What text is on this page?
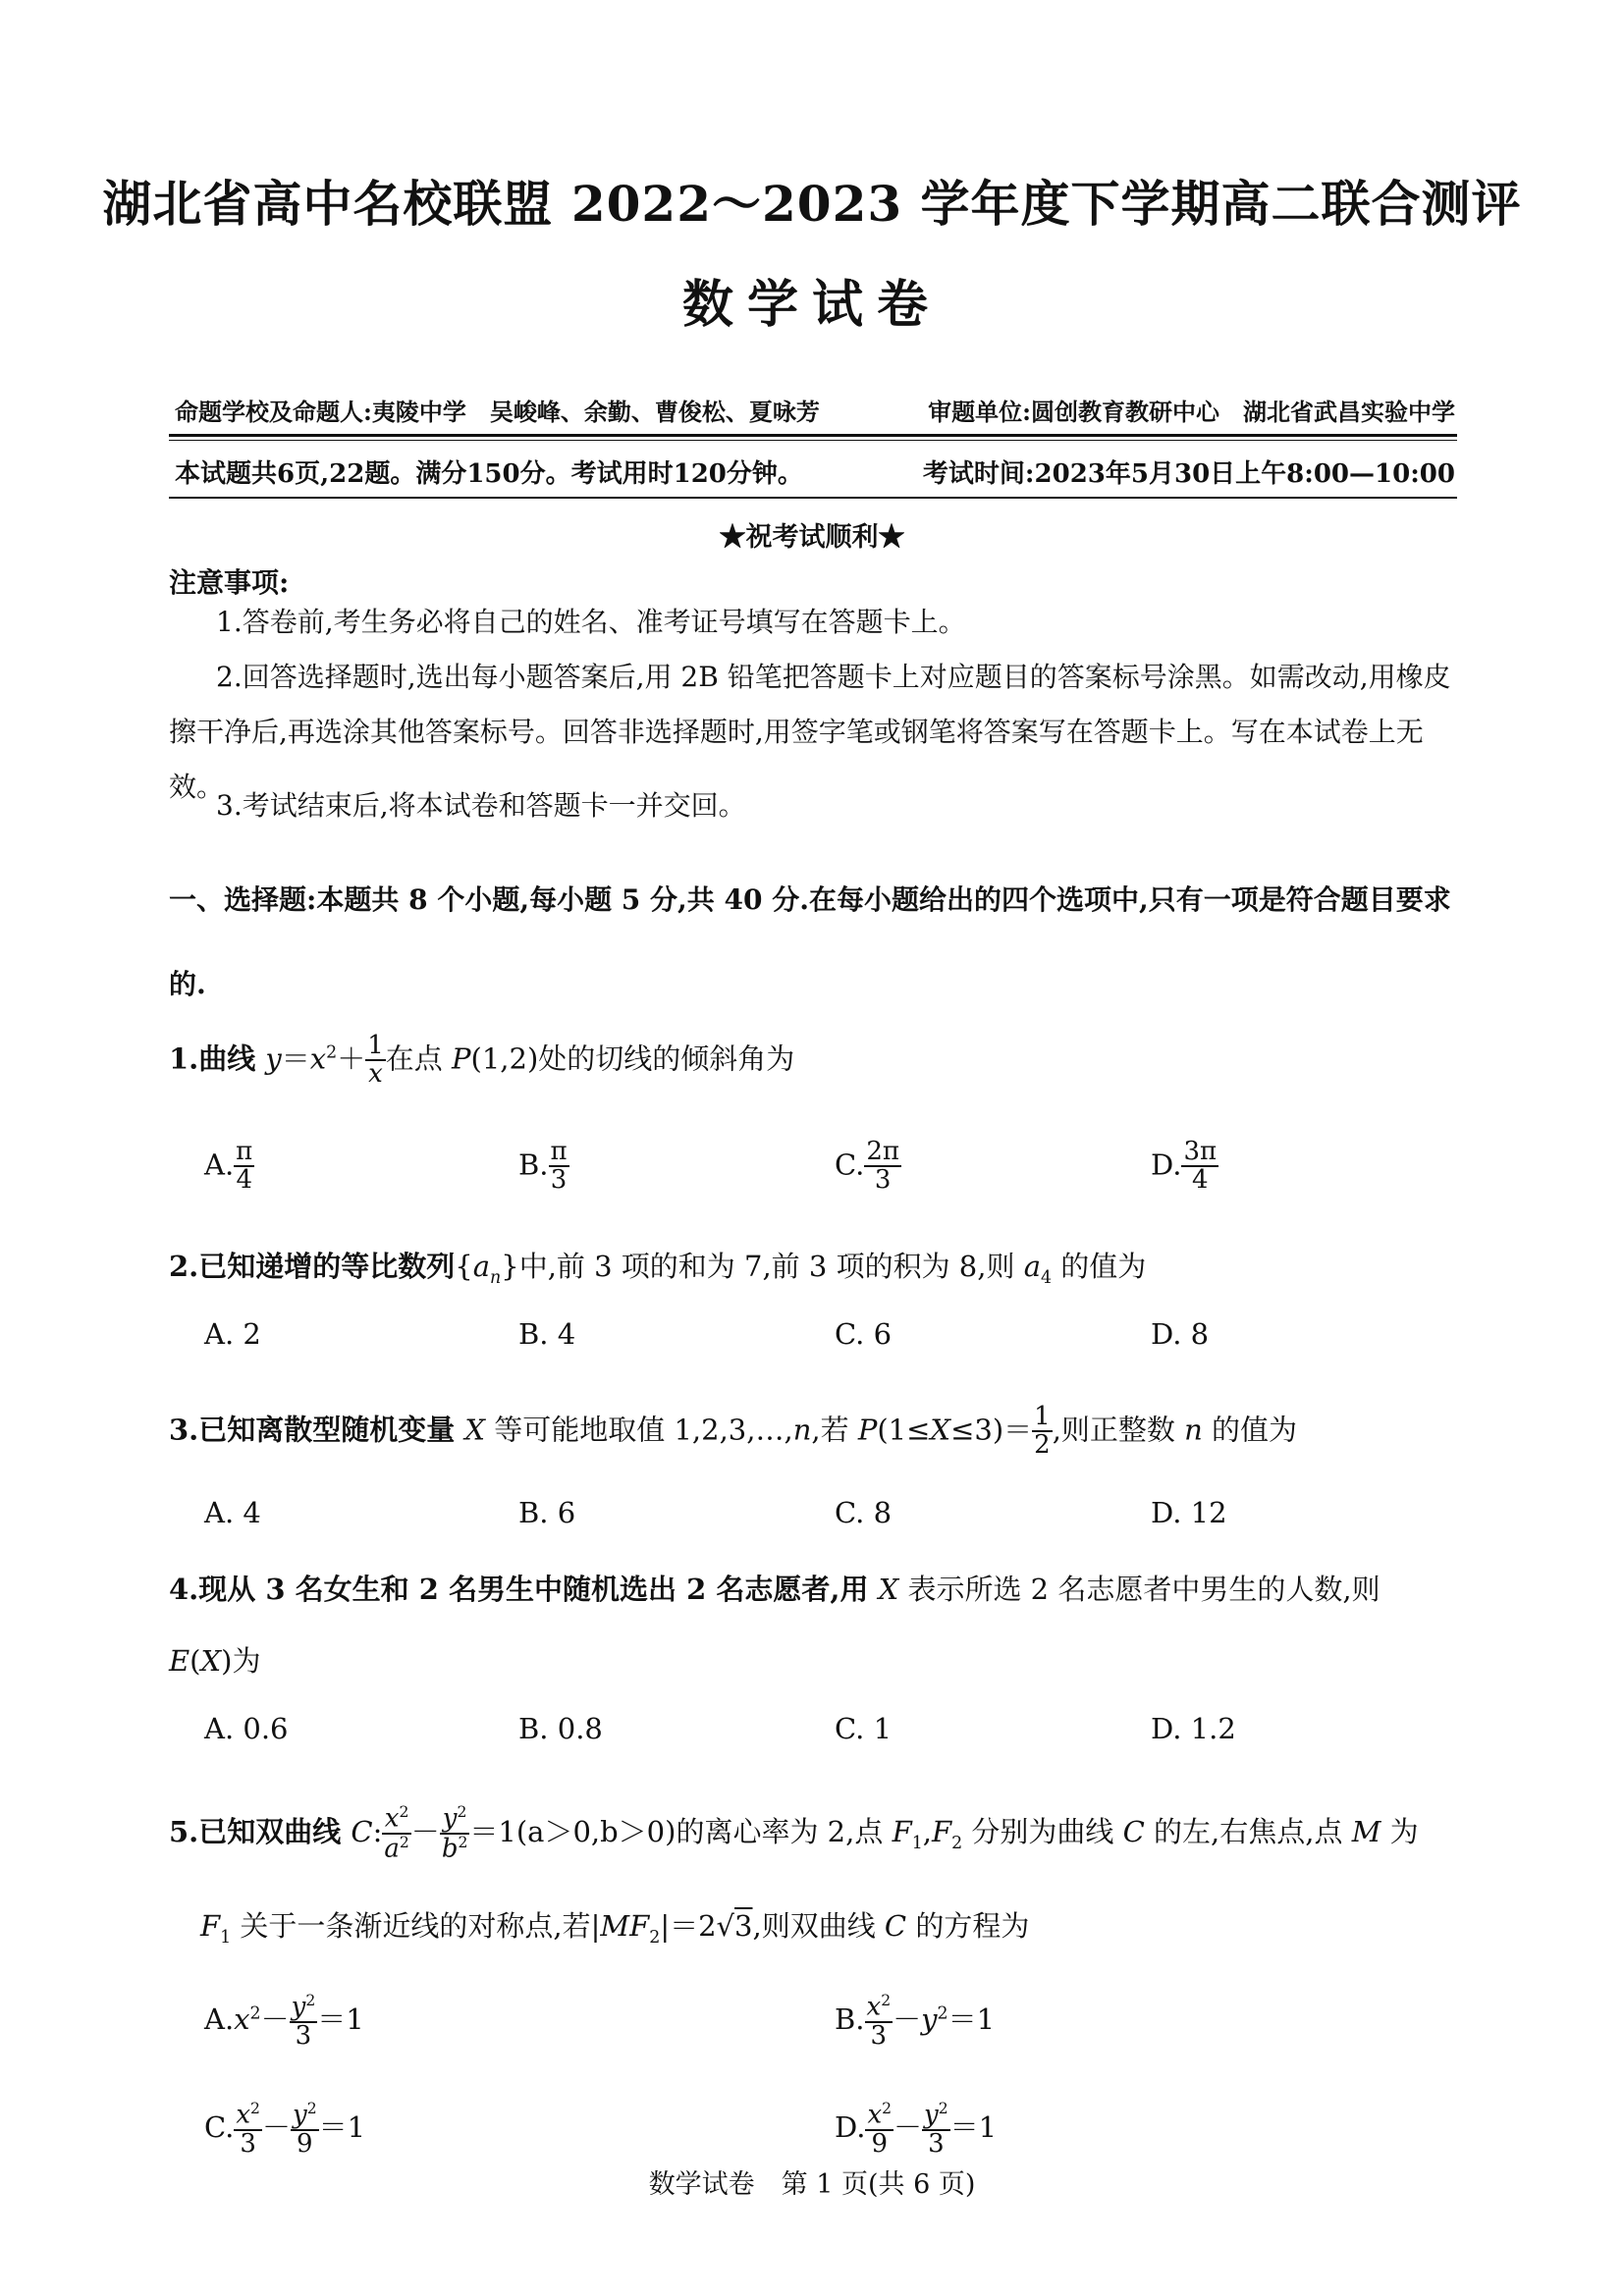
湖北省高中名校联盟 2022～2023 学年度下学期高二联合测评
数学试卷
命题学校及命题人:夷陵中学　吴峻峰、余勤、曹俊松、夏咏芳	审题单位:圆创教育教研中心　湖北省武昌实验中学
本试题共6页,22题。满分150分。考试用时120分钟。	考试时间:2023年5月30日上午8:00—10:00
★祝考试顺利★
注意事项:
1.答卷前,考生务必将自己的姓名、准考证号填写在答题卡上。
2.回答选择题时,选出每小题答案后,用 2B 铅笔把答题卡上对应题目的答案标号涂黑。如需改动,用橡皮擦干净后,再选涂其他答案标号。回答非选择题时,用签字笔或钢笔将答案写在答题卡上。写在本试卷上无效。
3.考试结束后,将本试卷和答题卡一并交回。
一、选择题:本题共 8 个小题,每小题 5 分,共 40 分.在每小题给出的四个选项中,只有一项是符合题目要求的.
1.曲线 $y=x^2+ \frac{1}{x}$ 在点 P(1,2)处的切线的倾斜角为
A. $\frac{\pi}{4}$	B. $\frac{\pi}{3}$	C. $\frac{2\pi}{3}$	D. $\frac{3\pi}{4}$
2.已知递增的等比数列$\{a_n\}$中,前 3 项的和为 7,前 3 项的积为 8,则 $a_4$ 的值为
A. 2	B. 4	C. 6	D. 8
3.已知离散型随机变量 X 等可能地取值 1,2,3,…,n,若 $P(1\le X\le 3)= \frac{1}{2}$ ,则正整数 n 的值为
A. 4	B. 6	C. 8	D. 12
4.现从 3 名女生和 2 名男生中随机选出 2 名志愿者,用 X 表示所选 2 名志愿者中男生的人数,则
E(X)为
A. 0.6	B. 0.8	C. 1	D. 1.2
5.已知双曲线 C: $\frac{x^2}{a^2} - \frac{y^2}{b^2} =1(a>0,b>0)$的离心率为 2,点 $F_1,F_2$ 分别为曲线 C 的左,右焦点,点 M 为
$F_1$ 关于一条渐近线的对称点,若$|MF_2|=2√3$,则双曲线 C 的方程为
$A.x^2- \frac{y^2}{3} =1$	B. $\frac{x^2}{3} -y^2=1$
C. $\frac{x^2}{3} - \frac{y^2}{9} =1$	D. $\frac{x^2}{9} - \frac{y^2}{3} =1$
数学试卷　第 1 页(共 6 页)
